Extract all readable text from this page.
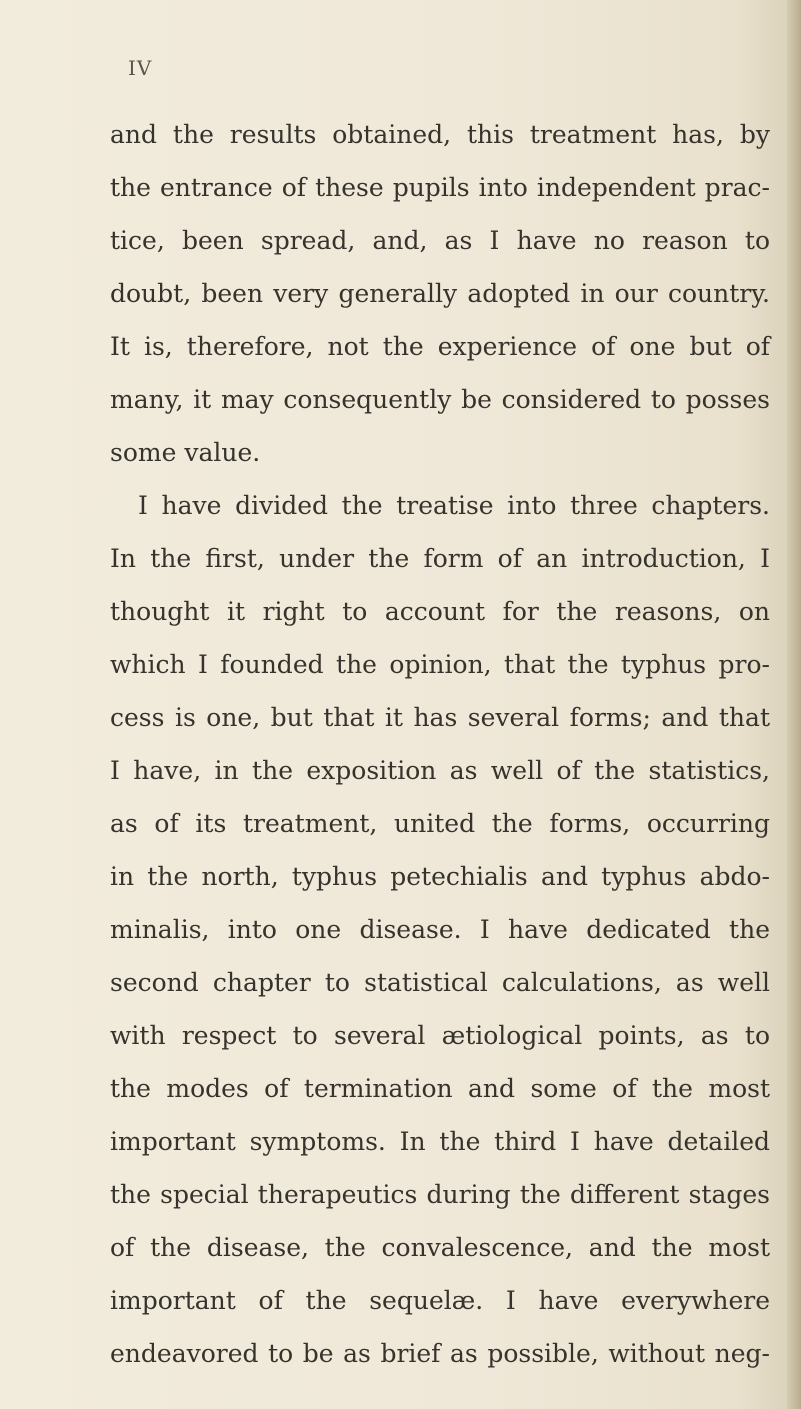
IV
and the results obtained, this treatment has, by
the entrance of these pupils into independent prac-
tice, been spread, and, as I have no reason to
doubt, been very generally adopted in our country.
It is, therefore, not the experience of one but of
many, it may consequently be considered to posses
some value.
I have divided the treatise into three chapters.
In the first, under the form of an introduction, I
thought it right to account for the reasons, on
which I founded the opinion, that the typhus pro-
cess is one, but that it has several forms; and that
I have, in the exposition as well of the statistics,
as of its treatment, united the forms, occurring
in the north, typhus petechialis and typhus abdo-
minalis, into one disease. I have dedicated the
second chapter to statistical calculations, as well
with respect to several ætiological points, as to
the modes of termination and some of the most
important symptoms. In the third I have detailed
the special therapeutics during the different stages
of the disease, the convalescence, and the most
important of the sequelæ. I have everywhere
endeavored to be as brief as possible, without neg-
